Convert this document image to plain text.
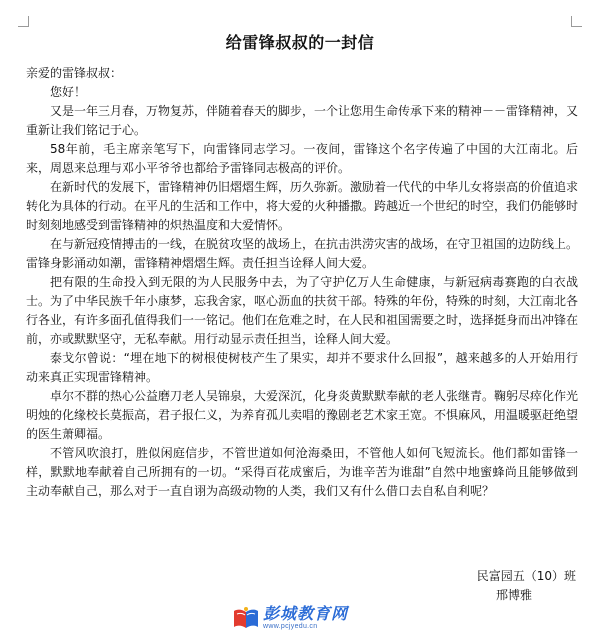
给雷锋叔叔的一封信

亲爱的雷锋叔叔：

您好！

又是一年三月春，万物复苏，伴随着春天的脚步，一个让您用生命传承下来的精神－－雷锋精神，又重新让我们铭记于心。

58年前，毛主席亲笔写下，向雷锋同志学习。一夜间，雷锋这个名字传遍了中国的大江南北。后来，周恩来总理与邓小平爷爷也都给予雷锋同志极高的评价。

在新时代的发展下，雷锋精神仍旧熠熠生辉，历久弥新。激励着一代代的中华儿女将崇高的价值追求转化为具体的行动。在平凡的生活和工作中，将大爱的火种播撒。跨越近一个世纪的时空，我们仍能够时时刻刻地感受到雷锋精神的炽热温度和大爱情怀。

在与新冠疫情搏击的一线，在脱贫攻坚的战场上，在抗击洪涝灾害的战场，在守卫祖国的边防线上。雷锋身影涌动如潮，雷锋精神熠熠生辉。责任担当诠释人间大爱。

把有限的生命投入到无限的为人民服务中去，为了守护亿万人生命健康，与新冠病毒赛跑的白衣战士。为了中华民族千年小康梦，忘我舍家，呕心沥血的扶贫干部。特殊的年份，特殊的时刻，大江南北各行各业，有许多面孔值得我们一一铭记。他们在危难之时，在人民和祖国需要之时，选择挺身而出冲锋在前，亦或默默坚守，无私奉献。用行动显示责任担当，诠释人间大爱。

泰戈尔曾说：“埋在地下的树根使树枝产生了果实，却并不要求什么回报”，越来越多的人开始用行动来真正实现雷锋精神。

卓尔不群的热心公益磨刀老人吴锦泉，大爱深沉，化身炎黄默默奉献的老人张继青。鞠躬尽瘁化作光明烛的化缘校长莫振高，君子报仁义，为养育孤儿卖唱的豫剧老艺术家王宽。不惧麻风，用温暖驱赶绝望的医生萧卿福。

不管风吹浪打，胜似闲庭信步，不管世道如何沧海桑田，不管他人如何飞短流长。他们都如雷锋一样，默默地奉献着自己所拥有的一切。“采得百花成蜜后，为谁辛苦为谁甜”自然中地蜜蜂尚且能够做到主动奉献自己，那么对于一直自诩为高级动物的人类，我们又有什么借口去自私自利呢？

民富园五（10）班
邢博雅
彭城教育网
www.pcjyedu.cn
